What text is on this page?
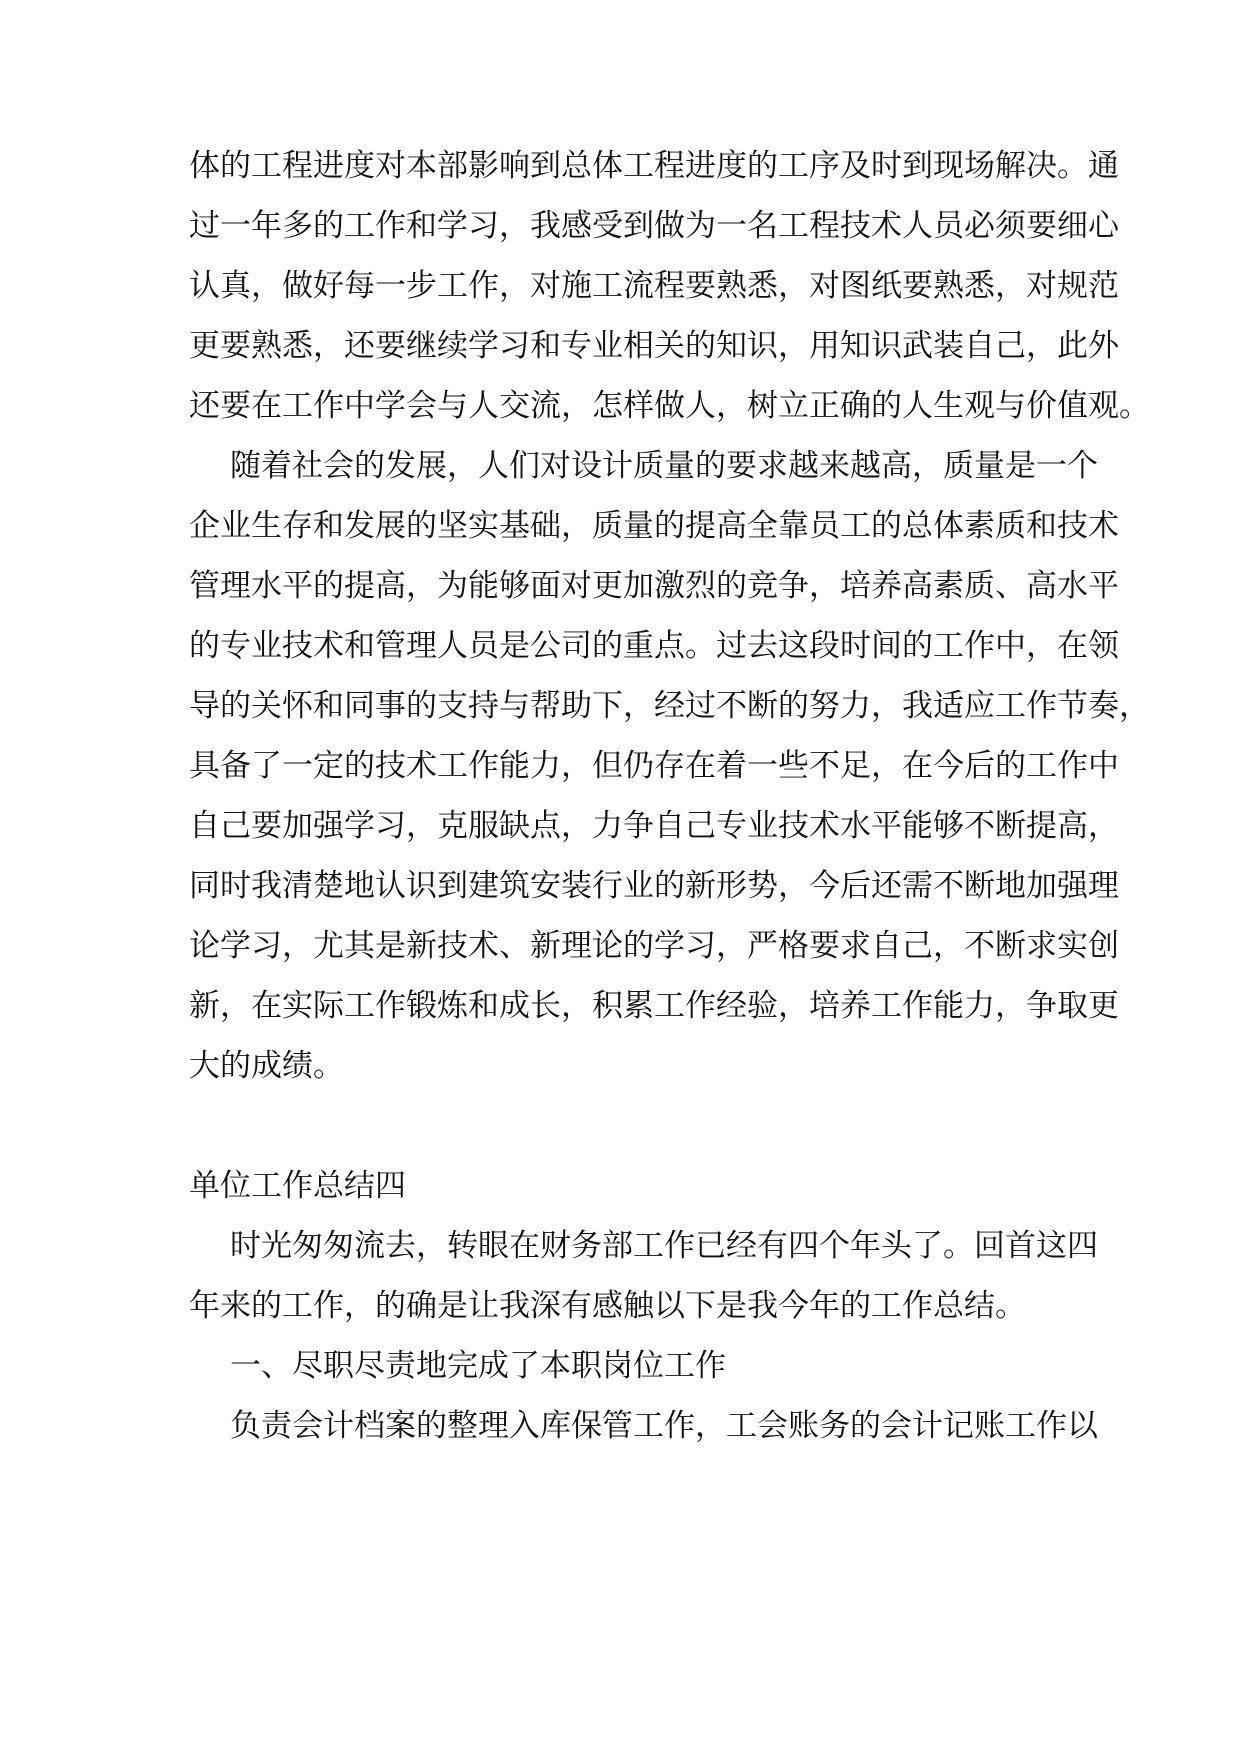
体的工程进度对本部影响到总体工程进度的工序及时到现场解决。通
过一年多的工作和学习，我感受到做为一名工程技术人员必须要细心
认真，做好每一步工作，对施工流程要熟悉，对图纸要熟悉，对规范
更要熟悉，还要继续学习和专业相关的知识，用知识武装自己，此外
还要在工作中学会与人交流，怎样做人，树立正确的人生观与价值观。
随着社会的发展，人们对设计质量的要求越来越高，质量是一个
企业生存和发展的坚实基础，质量的提高全靠员工的总体素质和技术
管理水平的提高，为能够面对更加激烈的竞争，培养高素质、高水平
的专业技术和管理人员是公司的重点。过去这段时间的工作中，在领
导的关怀和同事的支持与帮助下，经过不断的努力，我适应工作节奏，
具备了一定的技术工作能力，但仍存在着一些不足，在今后的工作中
自己要加强学习，克服缺点，力争自己专业技术水平能够不断提高，
同时我清楚地认识到建筑安装行业的新形势，今后还需不断地加强理
论学习，尤其是新技术、新理论的学习，严格要求自己，不断求实创
新，在实际工作锻炼和成长，积累工作经验，培养工作能力，争取更
大的成绩。
单位工作总结四
时光匆匆流去，转眼在财务部工作已经有四个年头了。回首这四
年来的工作，的确是让我深有感触以下是我今年的工作总结。
一、尽职尽责地完成了本职岗位工作
负责会计档案的整理入库保管工作，工会账务的会计记账工作以
